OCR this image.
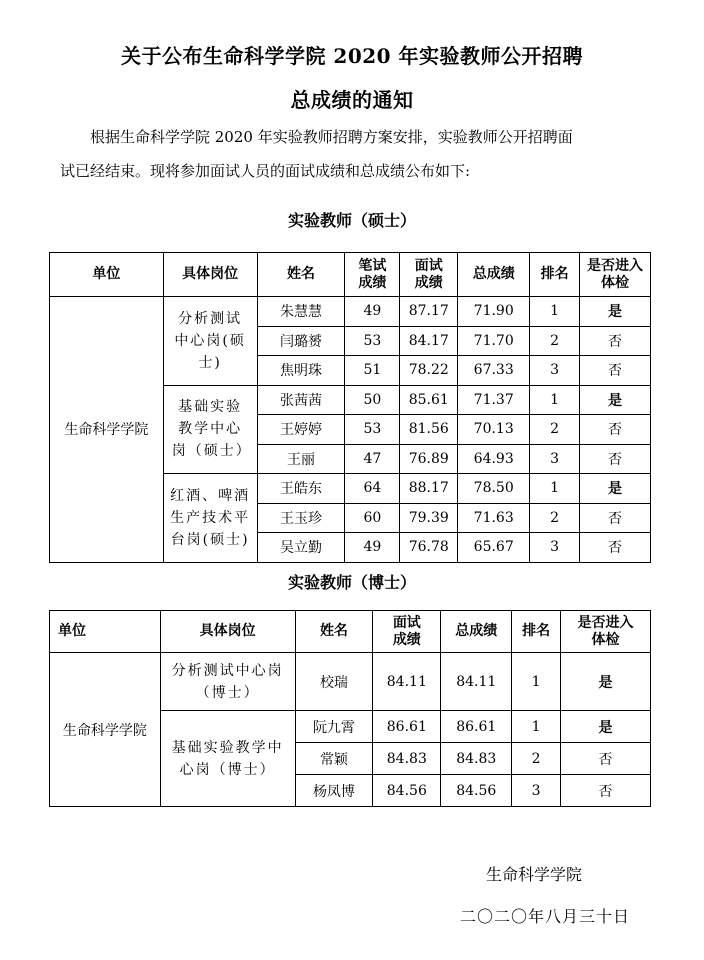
关于公布生命科学学院 2020 年实验教师公开招聘
总成绩的通知

根据生命科学学院 2020 年实验教师招聘方案安排，实验教师公开招聘面
试已经结束。现将参加面试人员的面试成绩和总成绩公布如下:

实验教师（硕士）
单位	具体岗位	姓名	笔试成绩	面试成绩	总成绩	排名	是否进入体检
生命科学学院	分析测试中心岗(硕士)	朱慧慧	49	87.17	71.90	1	是
		闫璐赟	53	84.17	71.70	2	否
		焦明珠	51	78.22	67.33	3	否
	基础实验教学中心岗（硕士）	张茜茜	50	85.61	71.37	1	是
		王婷婷	53	81.56	70.13	2	否
		王丽	47	76.89	64.93	3	否
	红酒、啤酒生产技术平台岗(硕士)	王皓东	64	88.17	78.50	1	是
		王玉珍	60	79.39	71.63	2	否
		吴立勤	49	76.78	65.67	3	否
实验教师（博士）
单位	具体岗位	姓名	面试成绩	总成绩	排名	是否进入体检
生命科学学院	分析测试中心岗（博士）	校瑞	84.11	84.11	1	是
	基础实验教学中心岗（博士）	阮九霄	86.61	86.61	1	是
		常颖	84.83	84.83	2	否
		杨凤博	84.56	84.56	3	否
生命科学学院
二〇二〇年八月三十日
